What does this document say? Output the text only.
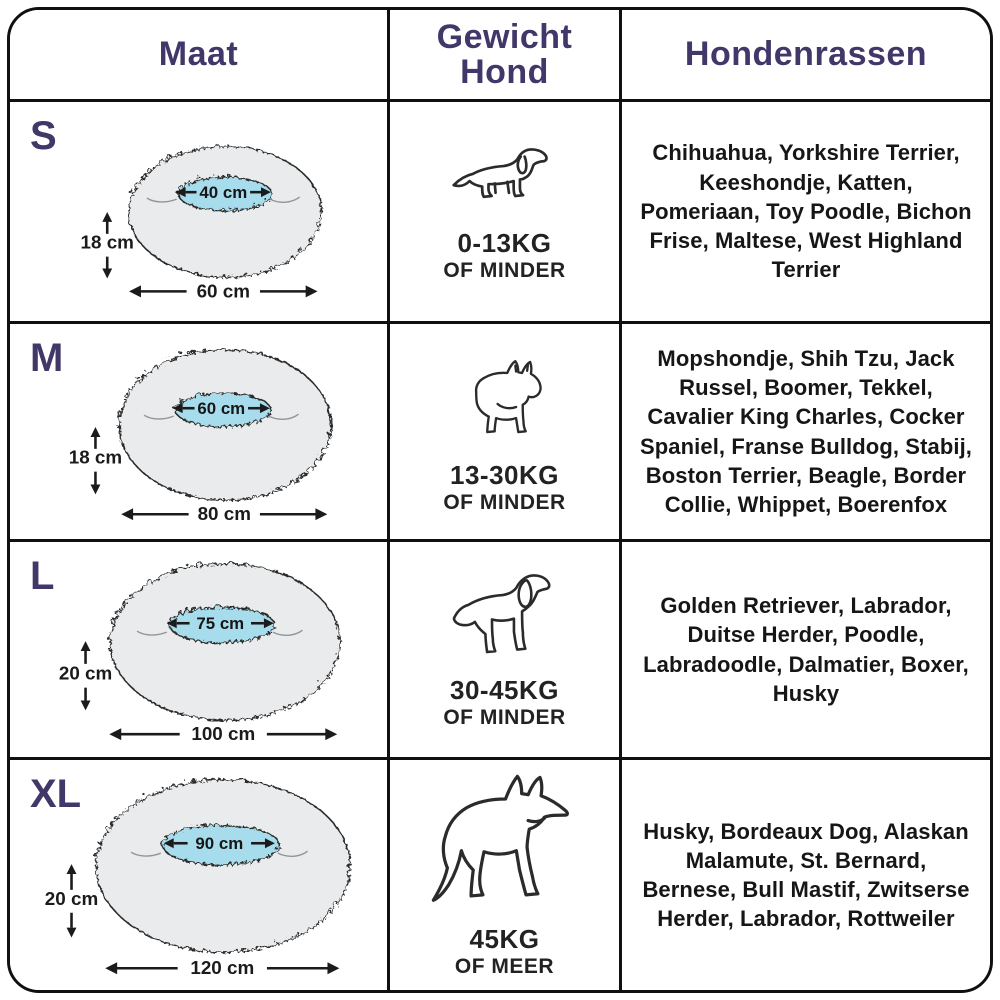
Maat	Gewicht
Hond	Hondenrassen
S
40 cm
18 cm
60 cm
0-13KG
OF MINDER

Chihuahua, Yorkshire Terrier, Keeshondje, Katten, Pomeriaan, Toy Poodle, Bichon Frise, Maltese, West Highland Terrier

M
60 cm
18 cm
80 cm
13-30KG
OF MINDER

Mopshondje, Shih Tzu, Jack Russel, Boomer, Tekkel, Cavalier King Charles, Cocker Spaniel, Franse Bulldog, Stabij, Boston Terrier, Beagle, Border Collie, Whippet, Boerenfox

L
75 cm
20 cm
100 cm
30-45KG
OF MINDER

Golden Retriever, Labrador, Duitse Herder, Poodle, Labradoodle, Dalmatier, Boxer, Husky

XL
90 cm
20 cm
120 cm
45KG
OF MEER

Husky, Bordeaux Dog, Alaskan Malamute, St. Bernard, Bernese, Bull Mastif, Zwitserse Herder, Labrador, Rottweiler
